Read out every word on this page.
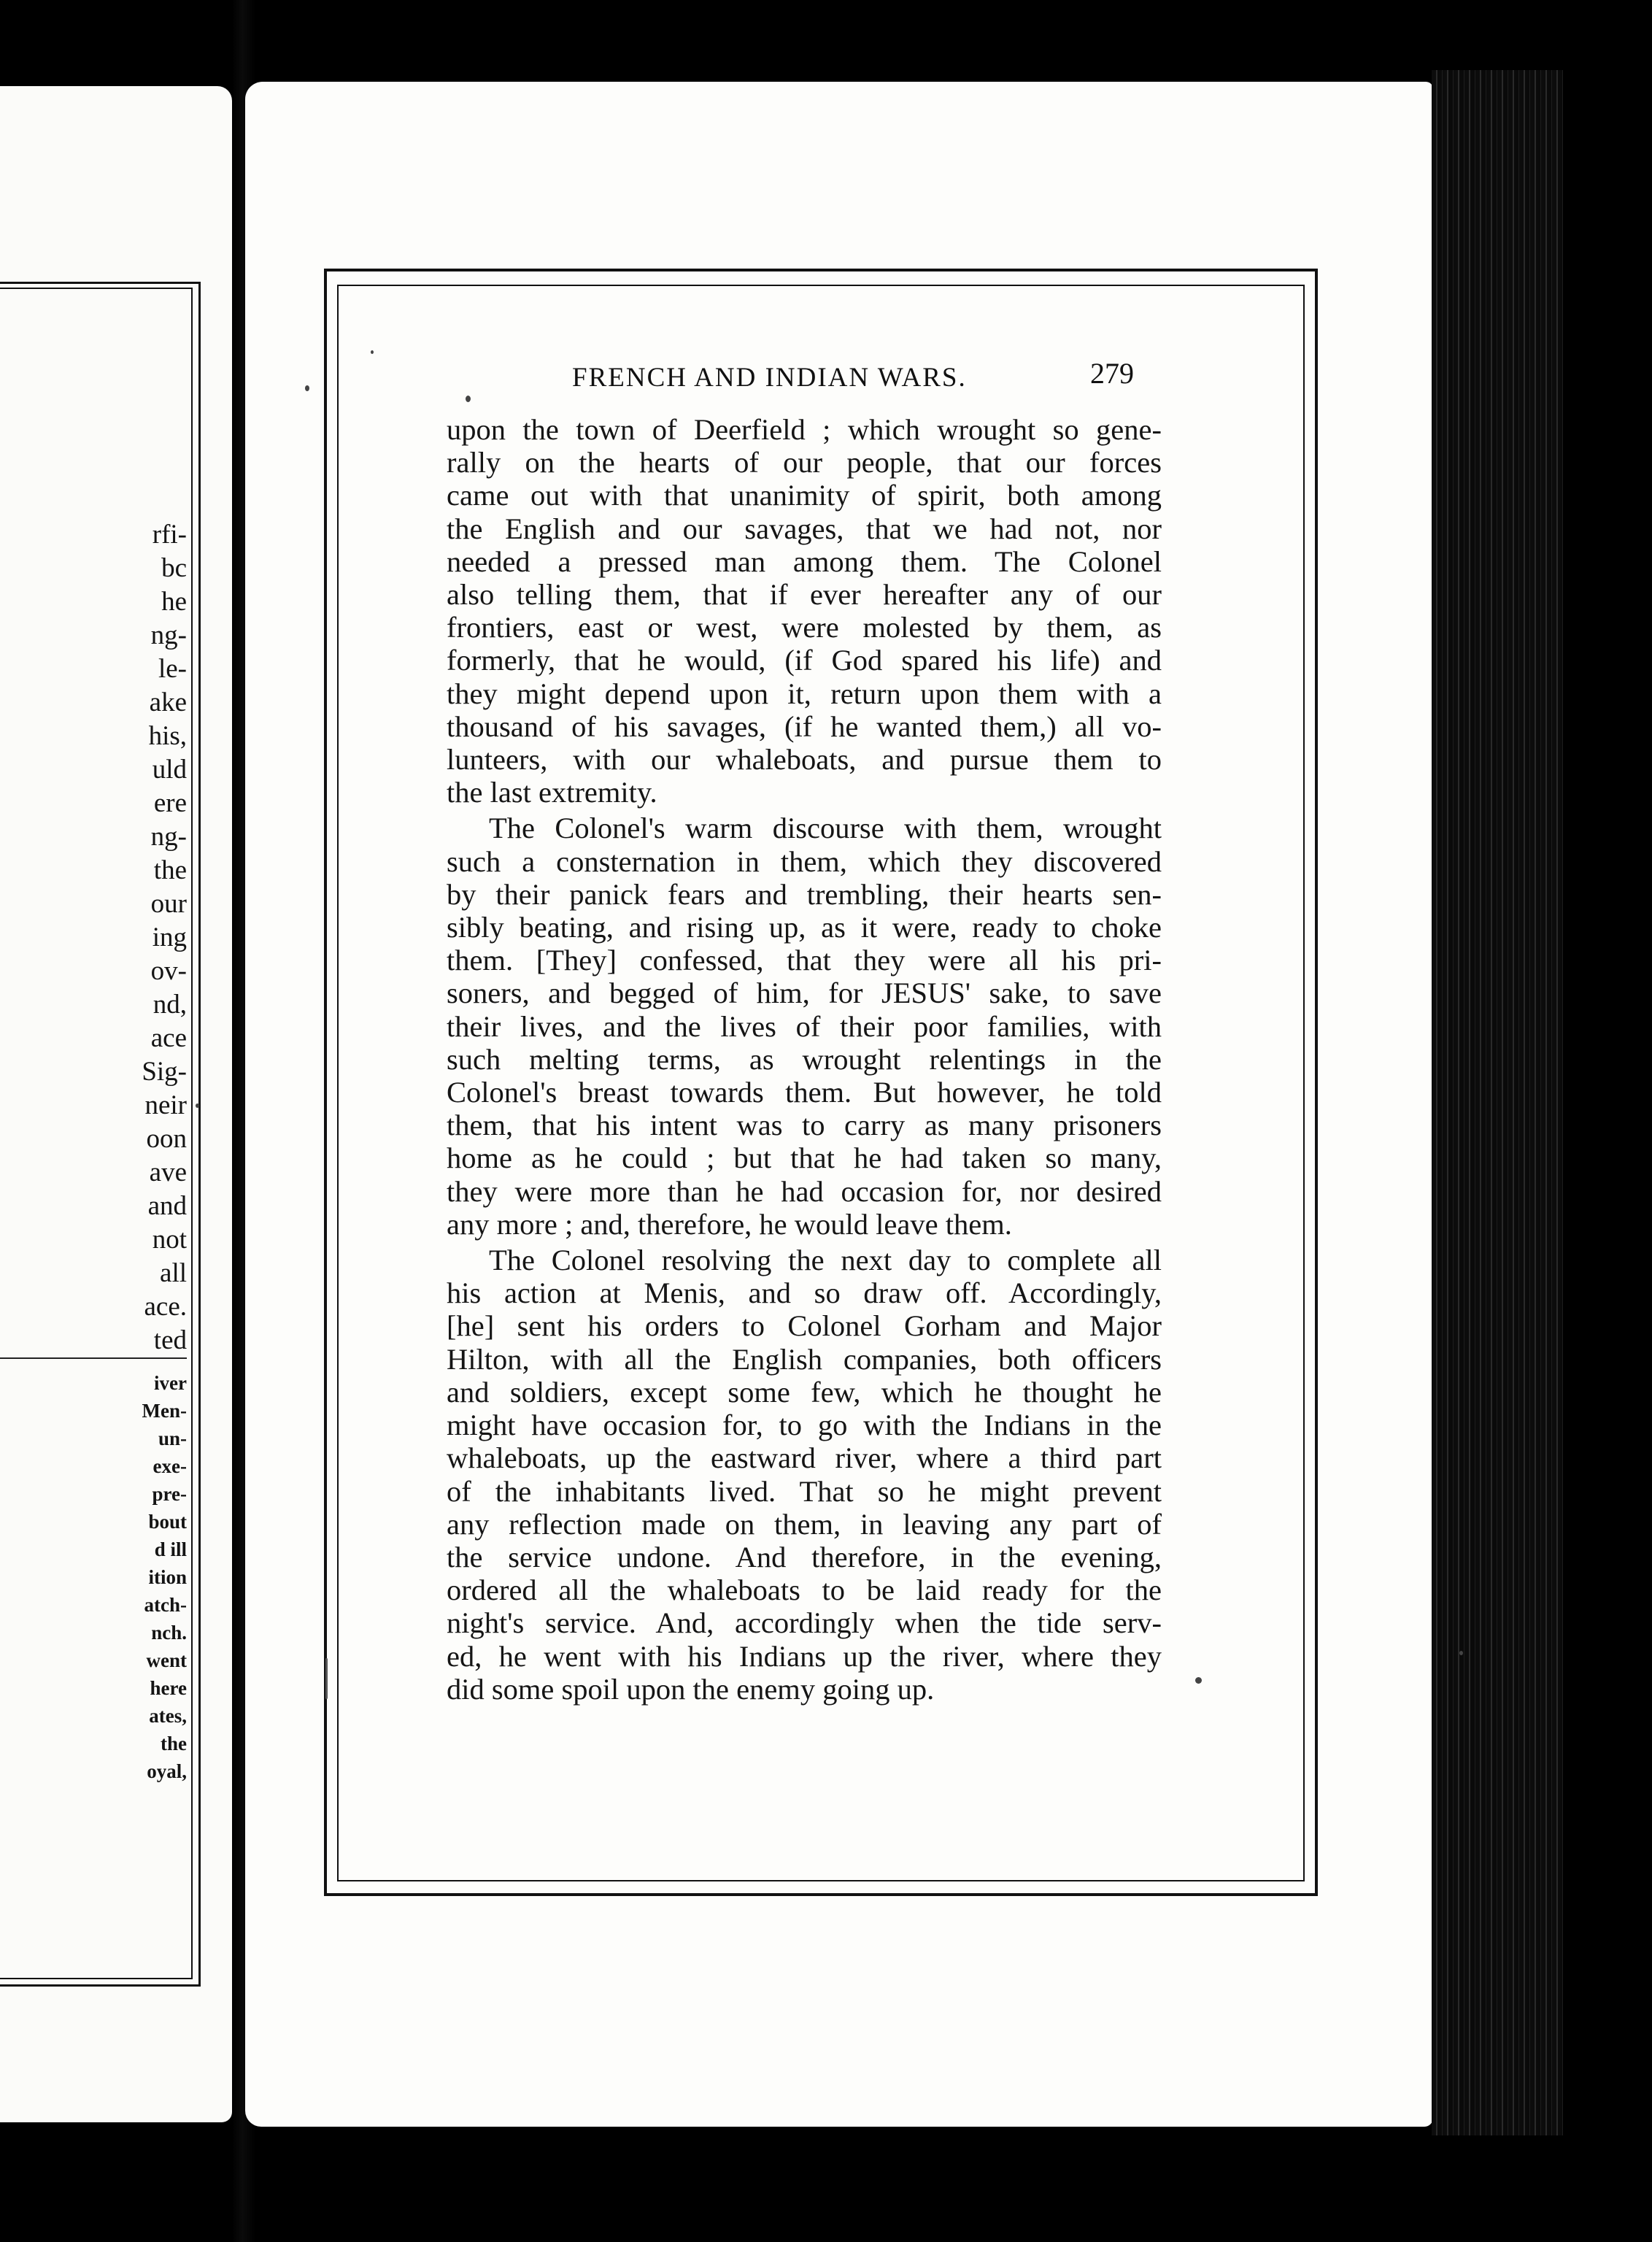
rfi-
bc
he
ng-
le-
ake
his,
uld
ere
ng-
the
our
ing
ov-
nd,
ace
Sig-
neir
oon
ave
and
not
all
ace.
ted
iver
Men-
un-
exe-
pre-
bout
d ill
ition
atch-
nch.
went
here
ates,
the
oyal,
FRENCH AND INDIAN WARS.	279
upon the town of Deerfield ; which wrought so gene-
rally on the hearts of our people, that our forces
came out with that unanimity of spirit, both among
the English and our savages, that we had not, nor
needed a pressed man among them. The Colonel
also telling them, that if ever hereafter any of our
frontiers, east or west, were molested by them, as
formerly, that he would, (if God spared his life) and
they might depend upon it, return upon them with a
thousand of his savages, (if he wanted them,) all vo-
lunteers, with our whaleboats, and pursue them to
the last extremity.
The Colonel's warm discourse with them, wrought
such a consternation in them, which they discovered
by their panick fears and trembling, their hearts sen-
sibly beating, and rising up, as it were, ready to choke
them. [They] confessed, that they were all his pri-
soners, and begged of him, for JESUS' sake, to save
their lives, and the lives of their poor families, with
such melting terms, as wrought relentings in the
Colonel's breast towards them. But however, he told
them, that his intent was to carry as many prisoners
home as he could ; but that he had taken so many,
they were more than he had occasion for, nor desired
any more ; and, therefore, he would leave them.
The Colonel resolving the next day to complete all
his action at Menis, and so draw off. Accordingly,
[he] sent his orders to Colonel Gorham and Major
Hilton, with all the English companies, both officers
and soldiers, except some few, which he thought he
might have occasion for, to go with the Indians in the
whaleboats, up the eastward river, where a third part
of the inhabitants lived. That so he might prevent
any reflection made on them, in leaving any part of
the service undone. And therefore, in the evening,
ordered all the whaleboats to be laid ready for the
night's service. And, accordingly when the tide serv-
ed, he went with his Indians up the river, where they
did some spoil upon the enemy going up.
